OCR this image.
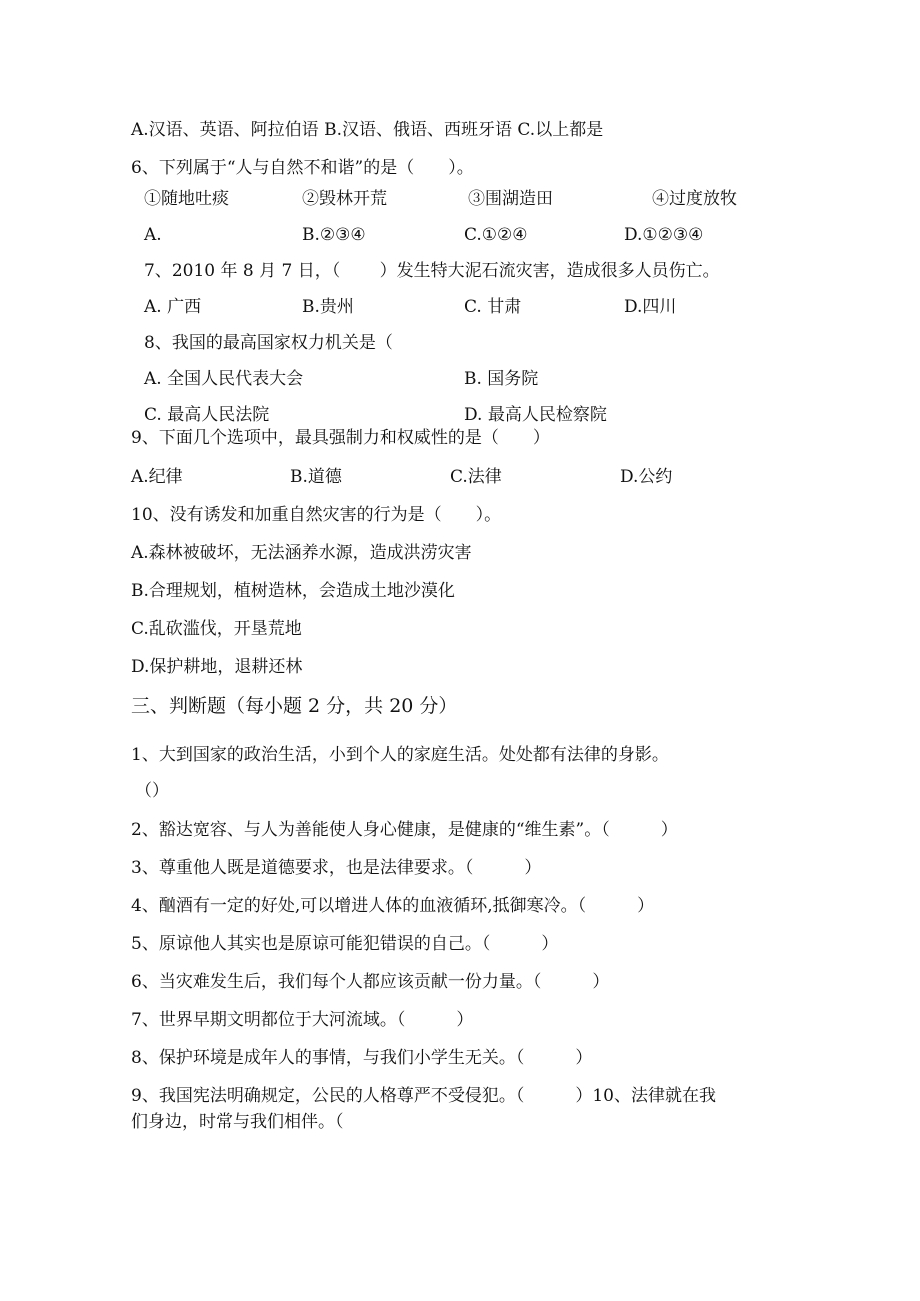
A.汉语、英语、阿拉伯语 B.汉语、俄语、西班牙语 C.以上都是
6、下列属于“人与自然不和谐”的是（　　）。
①随地吐痰	②毁林开荒	③围湖造田	④过度放牧
A.	B.②③④	C.①②④	D.①②③④
7、2010 年 8 月 7 日，（　　 ）发生特大泥石流灾害，造成很多人员伤亡。
A. 广西	B.贵州	C. 甘肃	D.四川
8、我国的最高国家权力机关是（
A. 全国人民代表大会	B. 国务院
C. 最高人民法院	D. 最高人民检察院
9、下面几个选项中，最具强制力和权威性的是（　　）
A.纪律	B.道德	C.法律	D.公约
10、没有诱发和加重自然灾害的行为是（　　）。
A.森林被破坏，无法涵养水源，造成洪涝灾害
B.合理规划，植树造林，会造成土地沙漠化
C.乱砍滥伐，开垦荒地
D.保护耕地，退耕还林
三、判断题（每小题 2 分，共 20 分）
1、大到国家的政治生活，小到个人的家庭生活。处处都有法律的身影。
（）
2、豁达宽容、与人为善能使人身心健康，是健康的“维生素”。（　　　）
3、尊重他人既是道德要求，也是法律要求。（　　　）
4、酗酒有一定的好处,可以增进人体的血液循环,抵御寒冷。（　　　）
5、原谅他人其实也是原谅可能犯错误的自己。（　　　）
6、当灾难发生后，我们每个人都应该贡献一份力量。（　　　）
7、世界早期文明都位于大河流域。（　　　）
8、保护环境是成年人的事情，与我们小学生无关。（　　　）
9、我国宪法明确规定，公民的人格尊严不受侵犯。（　　　）10、法律就在我
们身边，时常与我们相伴。（
